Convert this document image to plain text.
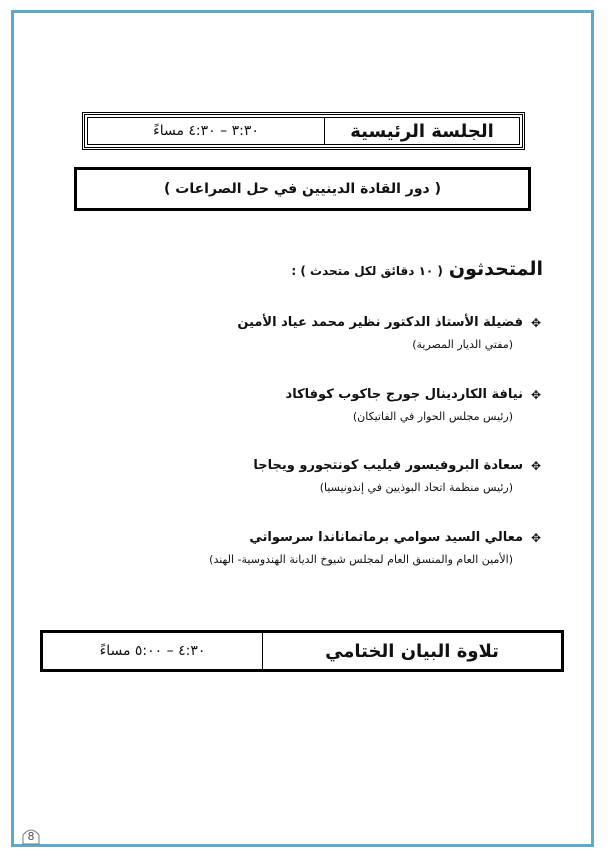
٣:٣٠ – ٤:٣٠ مساءً	الجلسة الرئيسية
( دور القادة الدينيين في حل الصراعات )
المتحدثون
( ١٠ دقائق لكل متحدث ) :
✥
فضيلة الأستاذ الدكتور نظير محمد عياد الأمين
(مفتي الديار المصرية)
✥
نيافة الكاردينال جورج جاكوب كوفاكاد
(رئيس مجلس الحوار في الفاتيكان)
✥
سعادة البروفيسور فيليب كونتجورو ويجاجا
(رئيس منظمة اتحاد البوذيين في إندونيسيا)
✥
معالي السيد سوامي برماتماناندا سرسواتي
(الأمين العام والمنسق العام لمجلس شيوخ الديانة الهندوسية- الهند)
٤:٣٠ – ٥:٠٠ مساءً	تلاوة البيان الختامي
8
